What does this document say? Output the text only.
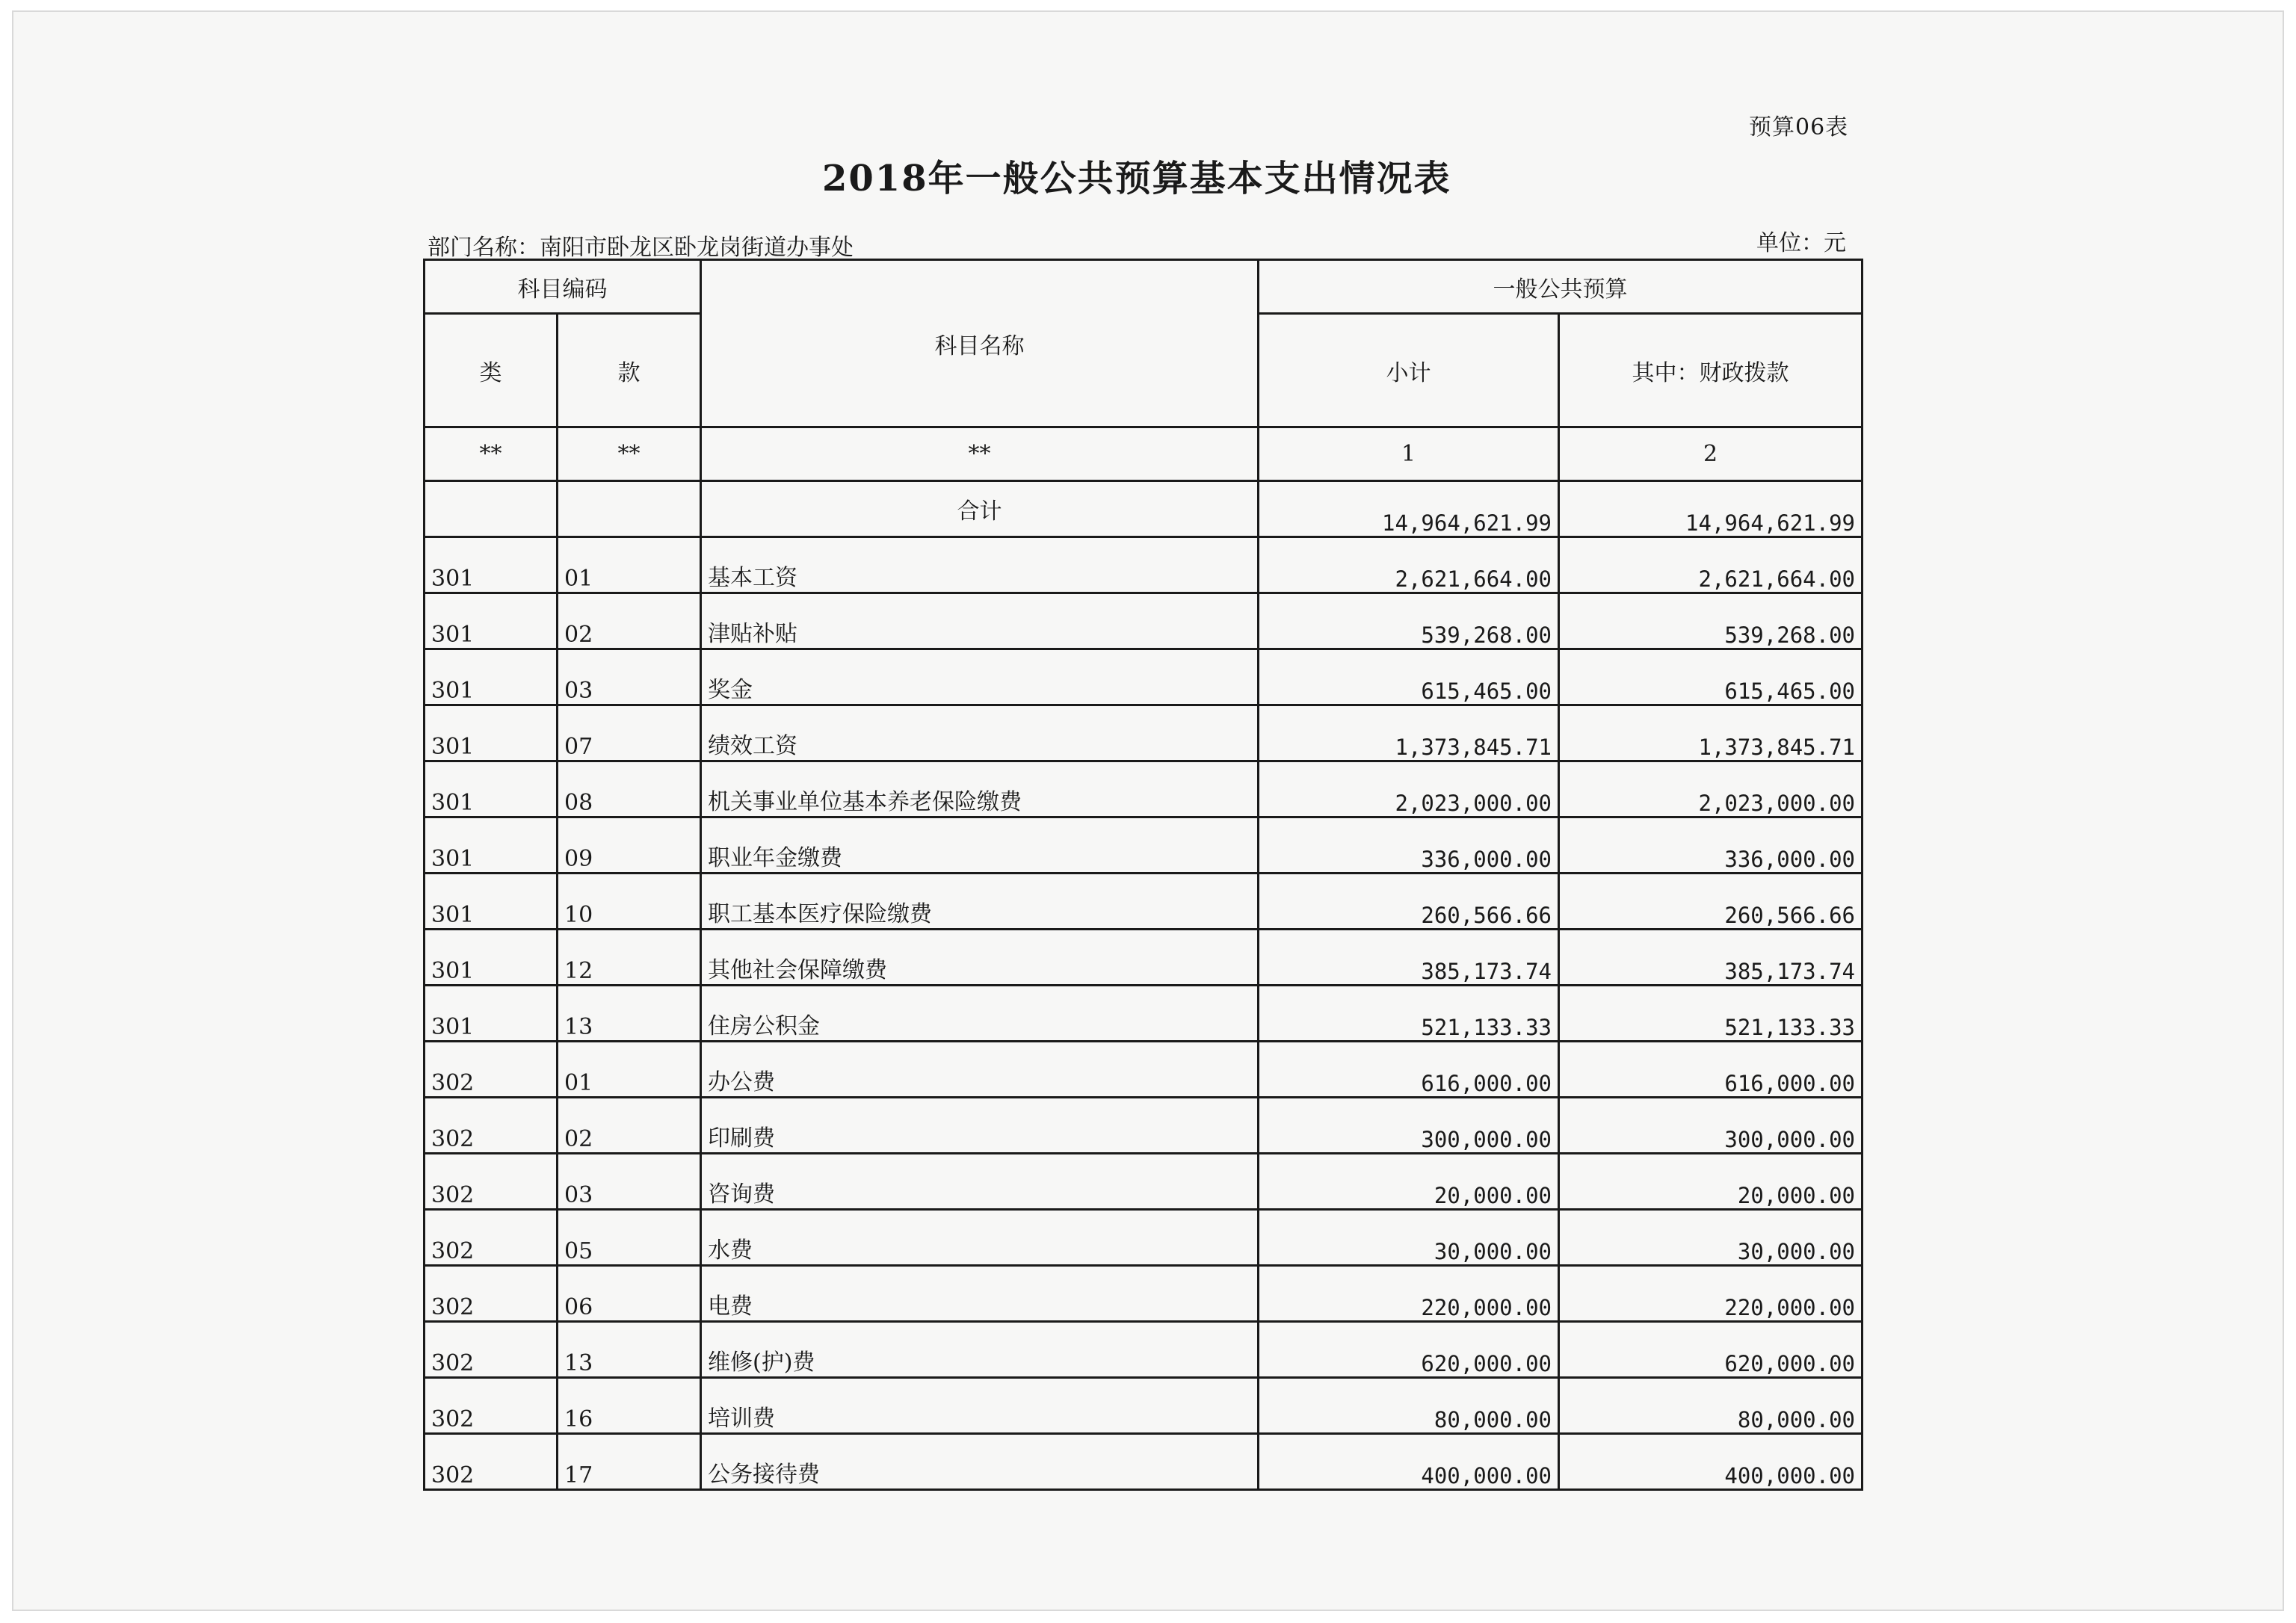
预算06表
2018年一般公共预算基本支出情况表
部门名称：南阳市卧龙区卧龙岗街道办事处	单位：元
科目编码		科目名称	一般公共预算	
类	款		小计	其中：财政拨款
**	**	**	1	2
		合计	14,964,621.99	14,964,621.99
301	01	基本工资	2,621,664.00	2,621,664.00
301	02	津贴补贴	539,268.00	539,268.00
301	03	奖金	615,465.00	615,465.00
301	07	绩效工资	1,373,845.71	1,373,845.71
301	08	机关事业单位基本养老保险缴费	2,023,000.00	2,023,000.00
301	09	职业年金缴费	336,000.00	336,000.00
301	10	职工基本医疗保险缴费	260,566.66	260,566.66
301	12	其他社会保障缴费	385,173.74	385,173.74
301	13	住房公积金	521,133.33	521,133.33
302	01	办公费	616,000.00	616,000.00
302	02	印刷费	300,000.00	300,000.00
302	03	咨询费	20,000.00	20,000.00
302	05	水费	30,000.00	30,000.00
302	06	电费	220,000.00	220,000.00
302	13	维修(护)费	620,000.00	620,000.00
302	16	培训费	80,000.00	80,000.00
302	17	公务接待费	400,000.00	400,000.00
